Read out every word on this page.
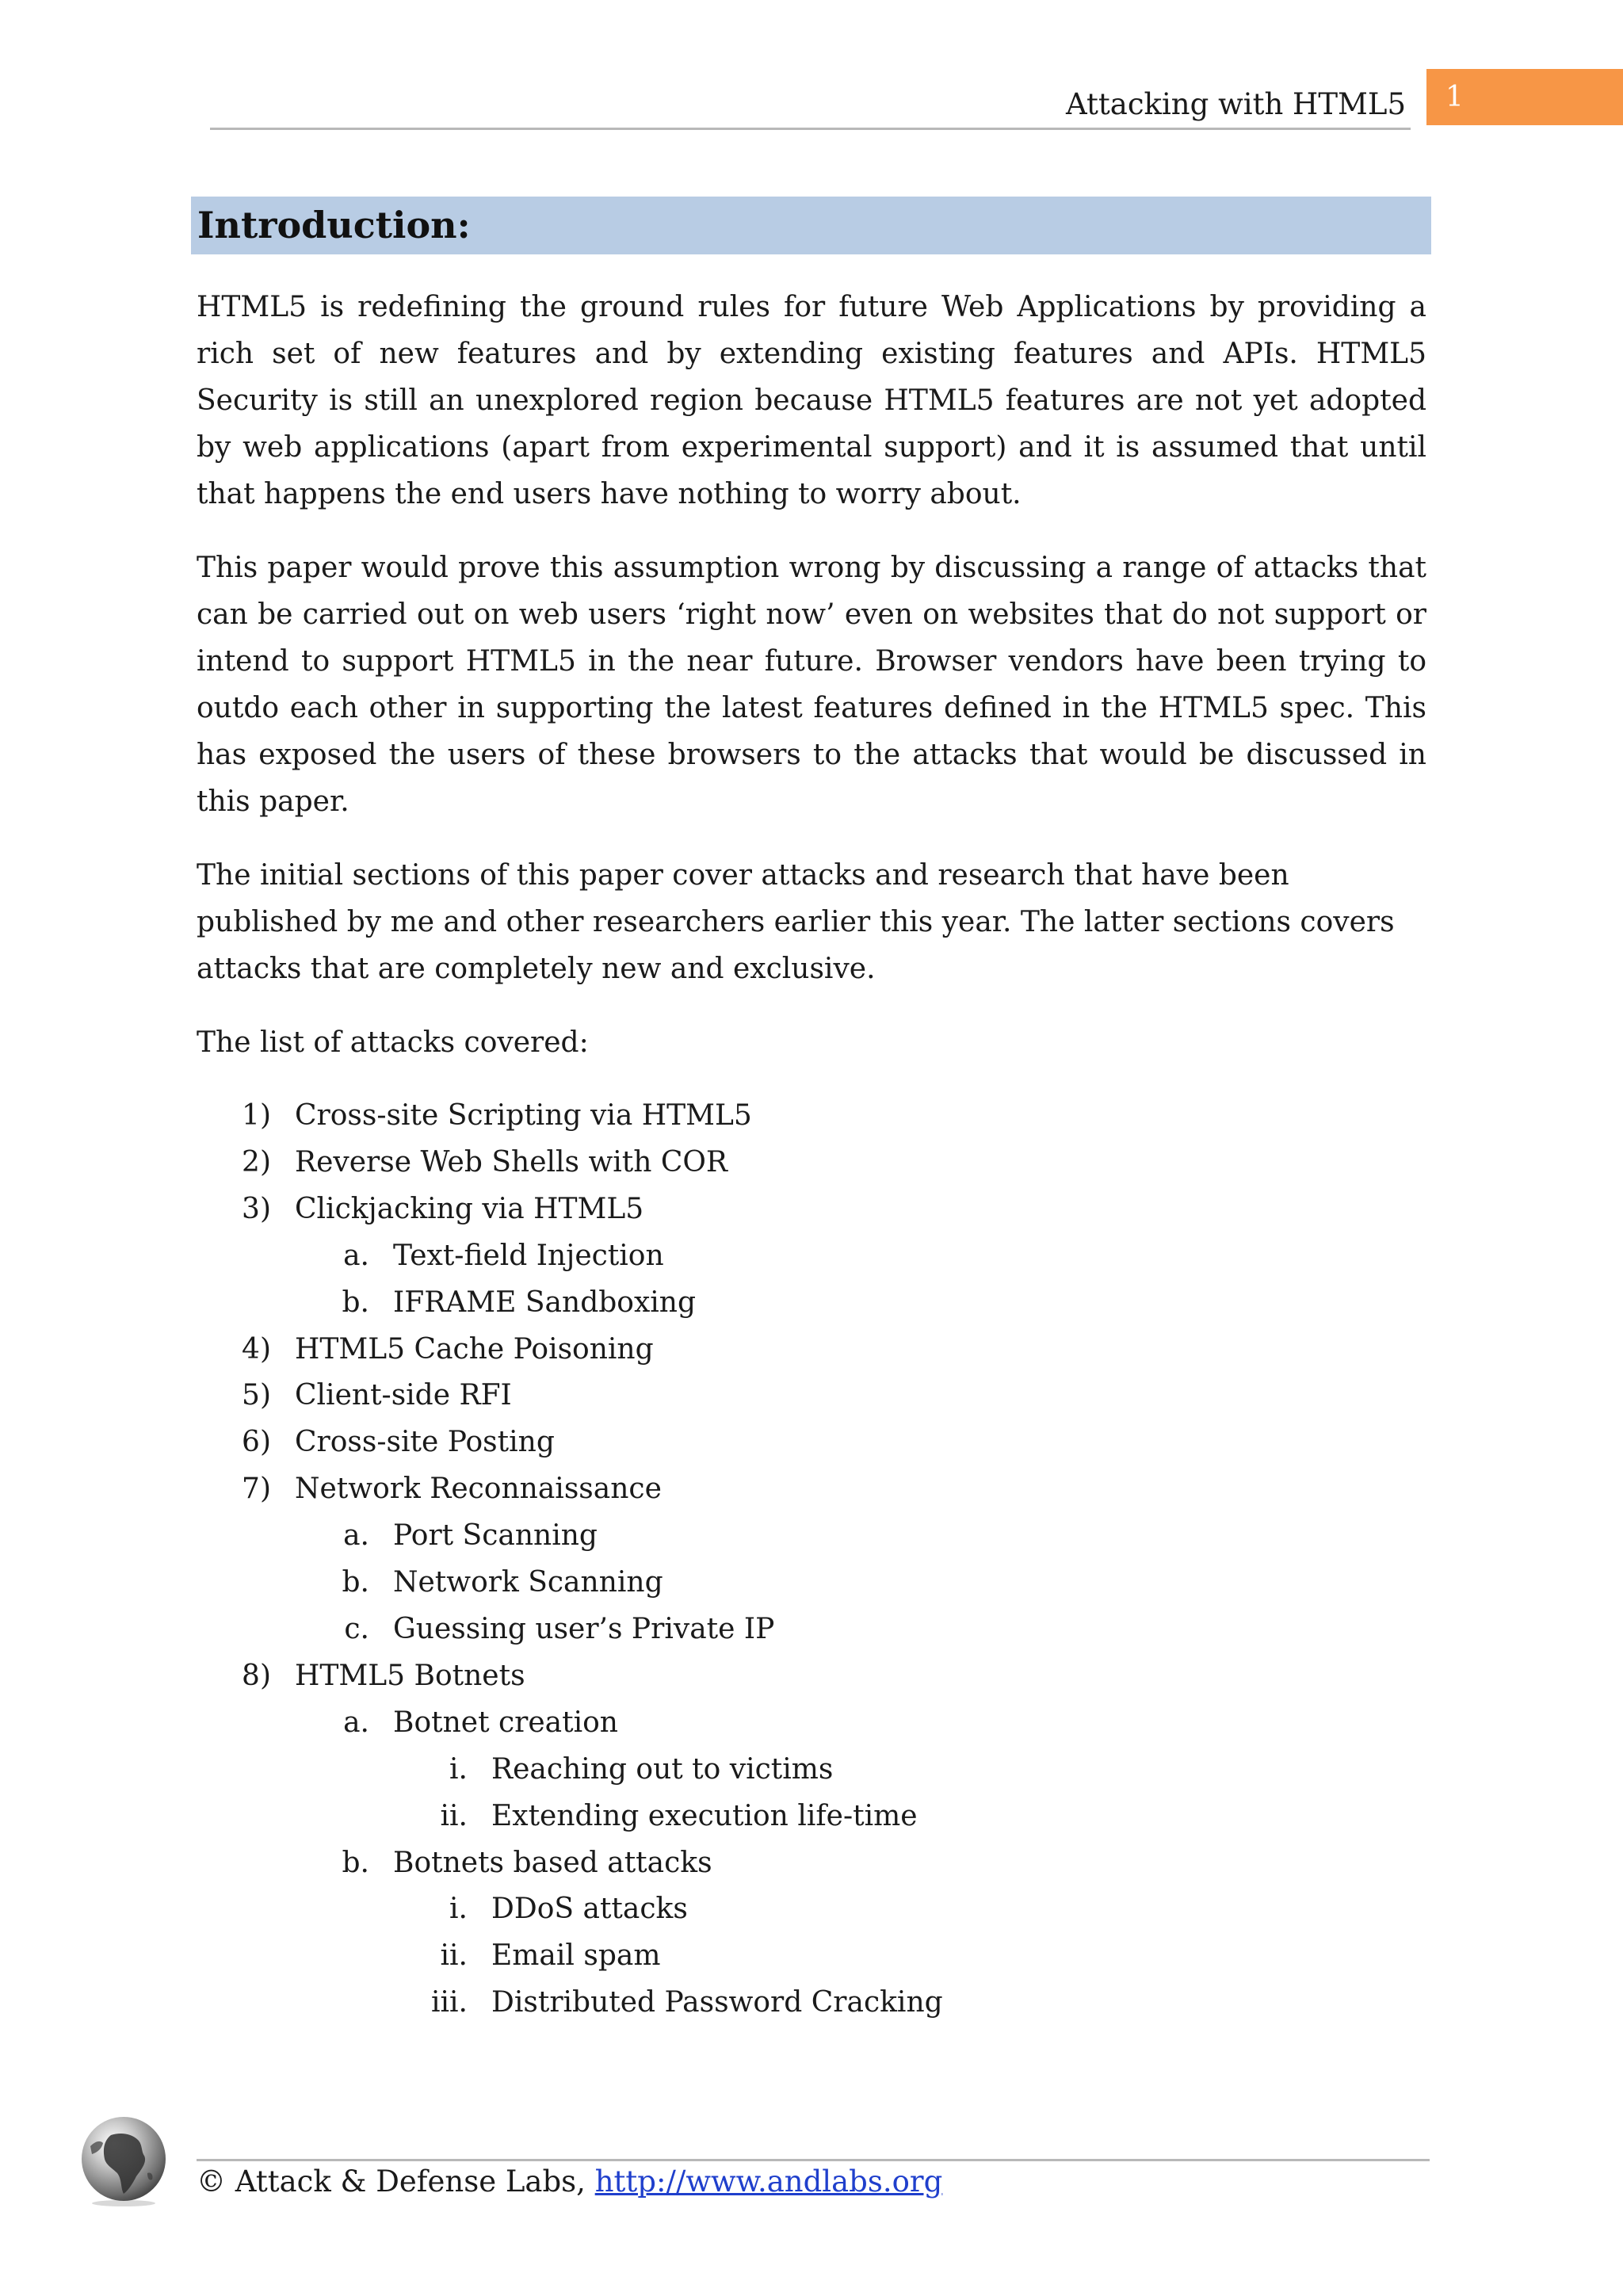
Attacking with HTML5 1
Introduction:

HTML5 is redefining the ground rules for future Web Applications by providing a rich set of new features and by extending existing features and APIs. HTML5 Security is still an unexplored region because HTML5 features are not yet adopted by web applications (apart from experimental support) and it is assumed that until that happens the end users have nothing to worry about.

This paper would prove this assumption wrong by discussing a range of attacks that can be carried out on web users ‘right now’ even on websites that do not support or intend to support HTML5 in the near future. Browser vendors have been trying to outdo each other in supporting the latest features defined in the HTML5 spec. This has exposed the users of these browsers to the attacks that would be discussed in this paper.

The initial sections of this paper cover attacks and research that have been published by me and other researchers earlier this year. The latter sections covers attacks that are completely new and exclusive.

The list of attacks covered:

1) Cross-site Scripting via HTML5
2) Reverse Web Shells with COR
3) Clickjacking via HTML5
a. Text-field Injection
b. IFRAME Sandboxing
4) HTML5 Cache Poisoning
5) Client-side RFI
6) Cross-site Posting
7) Network Reconnaissance
a. Port Scanning
b. Network Scanning
c. Guessing user’s Private IP
8) HTML5 Botnets
a. Botnet creation
i. Reaching out to victims
ii. Extending execution life-time
b. Botnets based attacks
i. DDoS attacks
ii. Email spam
iii. Distributed Password Cracking
© Attack & Defense Labs, http://www.andlabs.org
